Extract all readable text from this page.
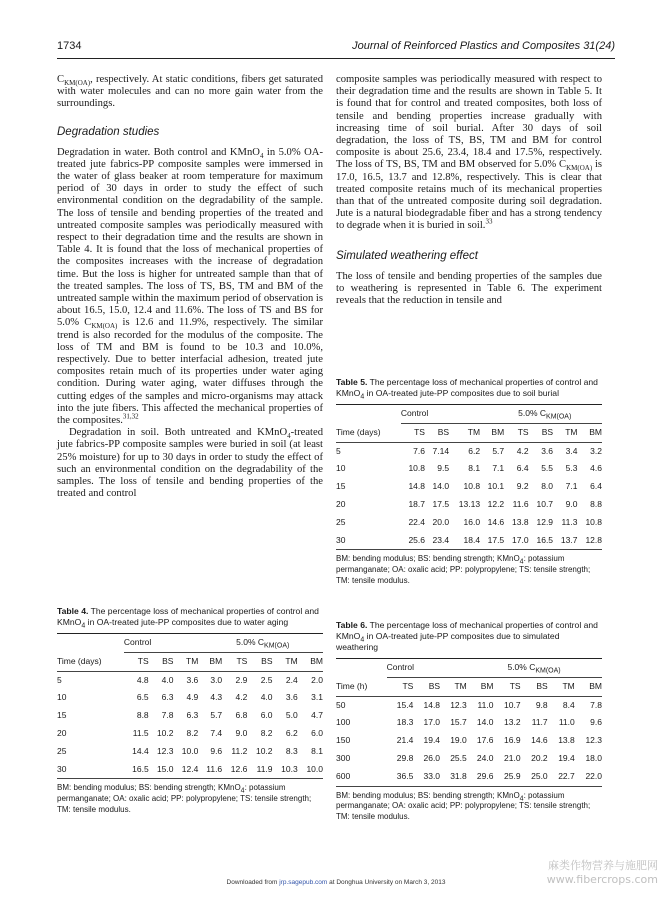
1734	Journal of Reinforced Plastics and Composites 31(24)

$C_{KM(OA)}$, respectively. At static conditions, fibers get saturated with water molecules and can no more gain water from the surroundings.

Degradation studies

Degradation in water. Both control and KMnO$_4$ in 5.0% OA-treated jute fabrics-PP composite samples were immersed in the water of glass beaker at room temperature for maximum period of 30 days in order to study the effect of such environmental condition on the degradability of the sample. The loss of tensile and bending properties of the treated and untreated composite samples was periodically measured with respect to their degradation time and the results are shown in Table 4. It is found that the loss of mechanical properties of the composites increases with the increase of degradation time. But the loss is higher for untreated sample than that of the treated samples. The loss of TS, BS, TM and BM of the untreated sample within the maximum period of observation is about 16.5, 15.0, 12.4 and 11.6%. The loss of TS and BS for 5.0% $C_{KM(OA)}$ is 12.6 and 11.9%, respectively. The similar trend is also recorded for the modulus of the composite. The loss of TM and BM is found to be 10.3 and 10.0%, respectively. Due to better interfacial adhesion, treated jute composites retain much of its properties under water aging condition. During water aging, water diffuses through the cutting edges of the samples and micro-organisms may attack into the jute fibers. This affected the mechanical properties of the composites.$^{31,32}$

Degradation in soil. Both untreated and KMnO$_4$-treated jute fabrics-PP composite samples were buried in soil (at least 25% moisture) for up to 30 days in order to study the effect of such an environmental condition on the degradability of the samples. The loss of tensile and bending properties of the treated and control

composite samples was periodically measured with respect to their degradation time and the results are shown in Table 5. It is found that for control and treated composites, both loss of tensile and bending properties increase gradually with increasing time of soil burial. After 30 days of soil degradation, the loss of TS, BS, TM and BM for control composite is about 25.6, 23.4, 18.4 and 17.5%, respectively. The loss of TS, BS, TM and BM observed for 5.0% $C_{KM(OA)}$ is 17.0, 16.5, 13.7 and 12.8%, respectively. This is clear that treated composite retains much of its mechanical properties than that of the untreated composite during soil degradation. Jute is a natural biodegradable fiber and has a strong tendency to degrade when it is buried in soil.$^{33}$

Simulated weathering effect

The loss of tensile and bending properties of the samples due to weathering is represented in Table 6. The experiment reveals that the reduction in tensile and

Table 4. The percentage loss of mechanical properties of control and KMnO$_4$ in OA-treated jute-PP composites due to water aging
	Control				5.0% $C_{KM(OA)}$
Time (days)	TS	BS	TM	BM	TS	BS	TM	BM
5	4.8	4.0	3.6	3.0	2.9	2.5	2.4	2.0
10	6.5	6.3	4.9	4.3	4.2	4.0	3.6	3.1
15	8.8	7.8	6.3	5.7	6.8	6.0	5.0	4.7
20	11.5	10.2	8.2	7.4	9.0	8.2	6.2	6.0
25	14.4	12.3	10.0	9.6	11.2	10.2	8.3	8.1
30	16.5	15.0	12.4	11.6	12.6	11.9	10.3	10.0
BM: bending modulus; BS: bending strength; KMnO$_4$: potassium permanganate; OA: oxalic acid; PP: polypropylene; TS: tensile strength; TM: tensile modulus.
Table 5. The percentage loss of mechanical properties of control and KMnO$_4$ in OA-treated jute-PP composites due to soil burial
	Control				5.0% $C_{KM(OA)}$
Time (days)	TS	BS	TM	BM	TS	BS	TM	BM
5	7.6	7.14	6.2	5.7	4.2	3.6	3.4	3.2
10	10.8	9.5	8.1	7.1	6.4	5.5	5.3	4.6
15	14.8	14.0	10.8	10.1	9.2	8.0	7.1	6.4
20	18.7	17.5	13.13	12.2	11.6	10.7	9.0	8.8
25	22.4	20.0	16.0	14.6	13.8	12.9	11.3	10.8
30	25.6	23.4	18.4	17.5	17.0	16.5	13.7	12.8
BM: bending modulus; BS: bending strength; KMnO$_4$: potassium permanganate; OA: oxalic acid; PP: polypropylene; TS: tensile strength; TM: tensile modulus.
Table 6. The percentage loss of mechanical properties of control and KMnO$_4$ in OA-treated jute-PP composites due to simulated weathering
	Control				5.0% $C_{KM(OA)}$
Time (h)	TS	BS	TM	BM	TS	BS	TM	BM
50	15.4	14.8	12.3	11.0	10.7	9.8	8.4	7.8
100	18.3	17.0	15.7	14.0	13.2	11.7	11.0	9.6
150	21.4	19.4	19.0	17.6	16.9	14.6	13.8	12.3
300	29.8	26.0	25.5	24.0	21.0	20.2	19.4	18.0
600	36.5	33.0	31.8	29.6	25.9	25.0	22.7	22.0
BM: bending modulus; BS: bending strength; KMnO$_4$: potassium permanganate; OA: oxalic acid; PP: polypropylene; TS: tensile strength; TM: tensile modulus.
Downloaded from jrp.sagepub.com at Donghua University on March 3, 2013
麻类作物营养与施肥网
www.fibercrops.com
